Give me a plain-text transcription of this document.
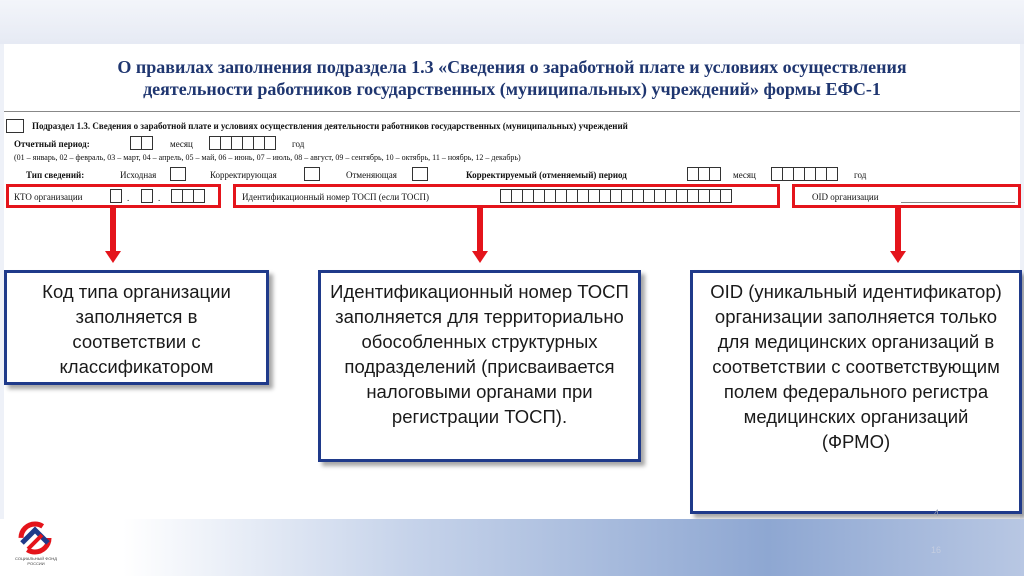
О правилах заполнения подраздела 1.3 «Сведения о заработной плате и условиях осуществления
деятельности работников государственных (муниципальных) учреждений» формы ЕФС-1
Подраздел 1.3. Сведения о заработной плате и условиях осуществления деятельности работников государственных (муниципальных) учреждений
Отчетный период:	месяц	год
(01 – январь, 02 – февраль, 03 – март, 04 – апрель, 05 – май, 06 – июнь, 07 – июль, 08 – август, 09 – сентябрь, 10 – октябрь, 11 – ноябрь, 12 – декабрь)
Тип сведений:	Исходная	Корректирующая	Отменяющая	Корректируемый (отменяемый) период	месяц	год
КТО организации	.	.	Идентификационный номер ТОСП (если ТОСП)	OID организации
Код типа организации заполняется в соответствии с классификатором
Идентификационный номер ТОСП заполняется для территориально обособленных структурных подразделений (присваивается налоговыми органами при регистрации ТОСП).
OID (уникальный идентификатор) организации заполняется только для медицинских организаций в соответствии с соответствующим полем федерального регистра медицинских организаций (ФРМО)
4
16
СОЦИАЛЬНЫЙ ФОНД РОССИИ
